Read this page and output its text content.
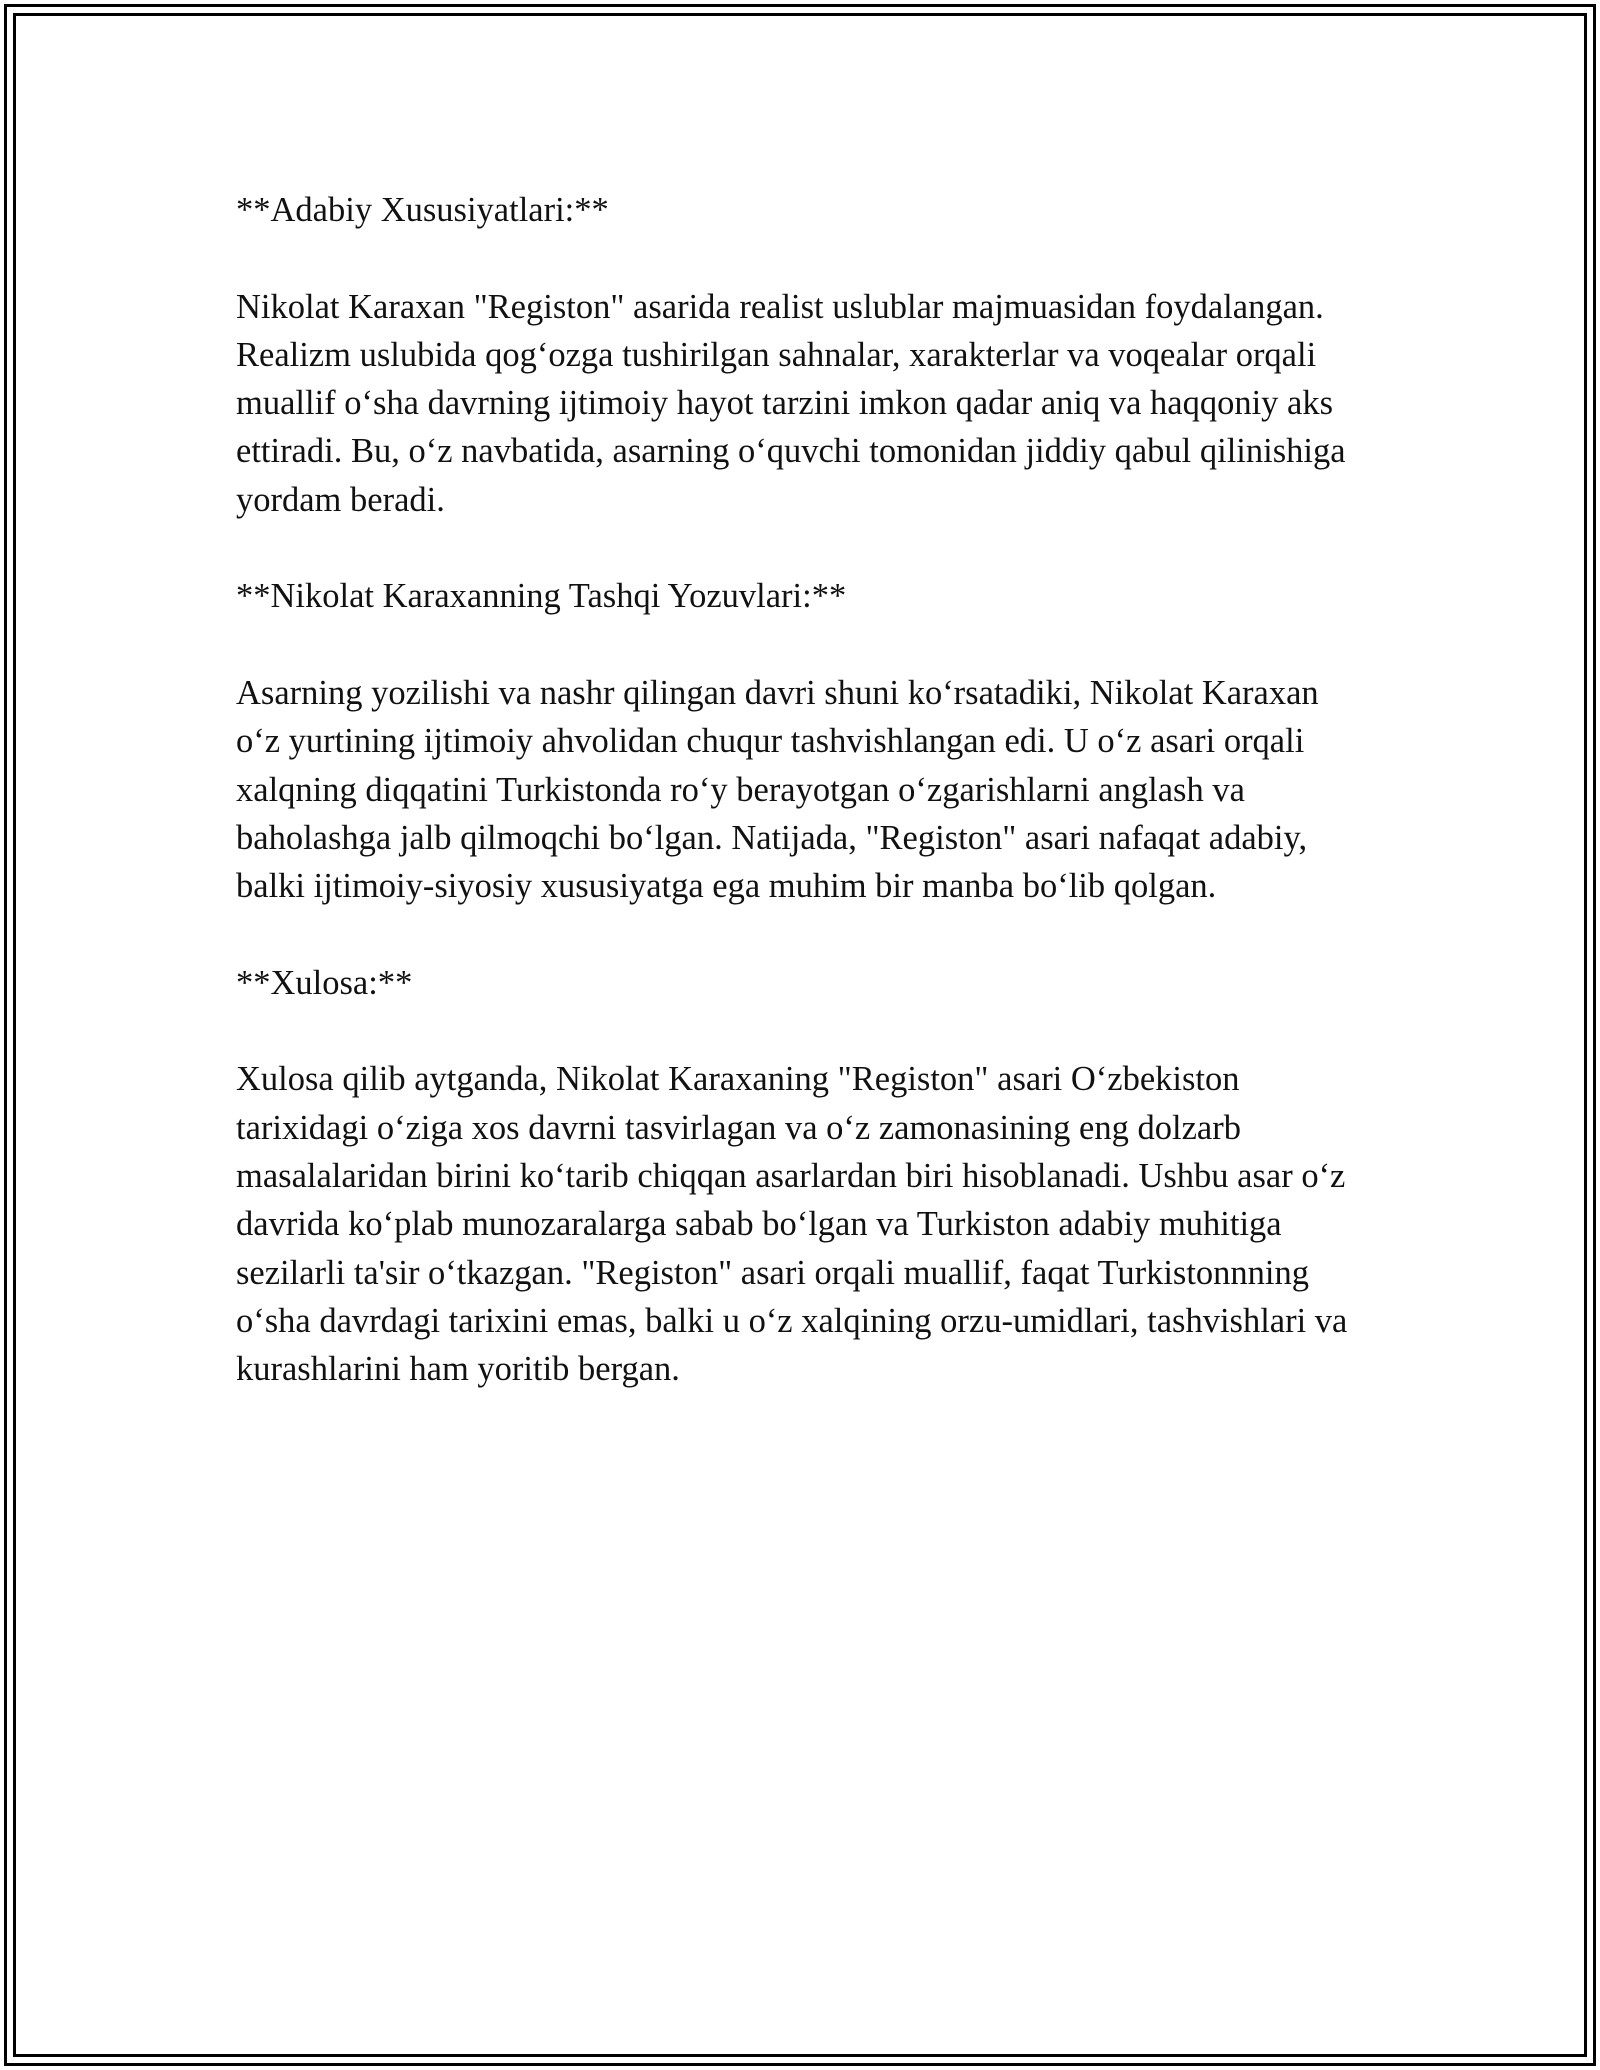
**Adabiy Xususiyatlari:**

Nikolat Karaxan "Registon" asarida realist uslublar majmuasidan foydalangan. Realizm uslubida qog‘ozga tushirilgan sahnalar, xarakterlar va voqealar orqali muallif o‘sha davrning ijtimoiy hayot tarzini imkon qadar aniq va haqqoniy aks ettiradi. Bu, o‘z navbatida, asarning o‘quvchi tomonidan jiddiy qabul qilinishiga yordam beradi.

**Nikolat Karaxanning Tashqi Yozuvlari:**

Asarning yozilishi va nashr qilingan davri shuni ko‘rsatadiki, Nikolat Karaxan o‘z yurtining ijtimoiy ahvolidan chuqur tashvishlangan edi. U o‘z asari orqali xalqning diqqatini Turkistonda ro‘y berayotgan o‘zgarishlarni anglash va baholashga jalb qilmoqchi bo‘lgan. Natijada, "Registon" asari nafaqat adabiy, balki ijtimoiy-siyosiy xususiyatga ega muhim bir manba bo‘lib qolgan.

**Xulosa:**

Xulosa qilib aytganda, Nikolat Karaxaning "Registon" asari O‘zbekiston tarixidagi o‘ziga xos davrni tasvirlagan va o‘z zamonasining eng dolzarb masalalaridan birini ko‘tarib chiqqan asarlardan biri hisoblanadi. Ushbu asar o‘z davrida ko‘plab munozaralarga sabab bo‘lgan va Turkiston adabiy muhitiga sezilarli ta'sir o‘tkazgan. "Registon" asari orqali muallif, faqat Turkistonnning o‘sha davrdagi tarixini emas, balki u o‘z xalqining orzu-umidlari, tashvishlari va kurashlarini ham yoritib bergan.
